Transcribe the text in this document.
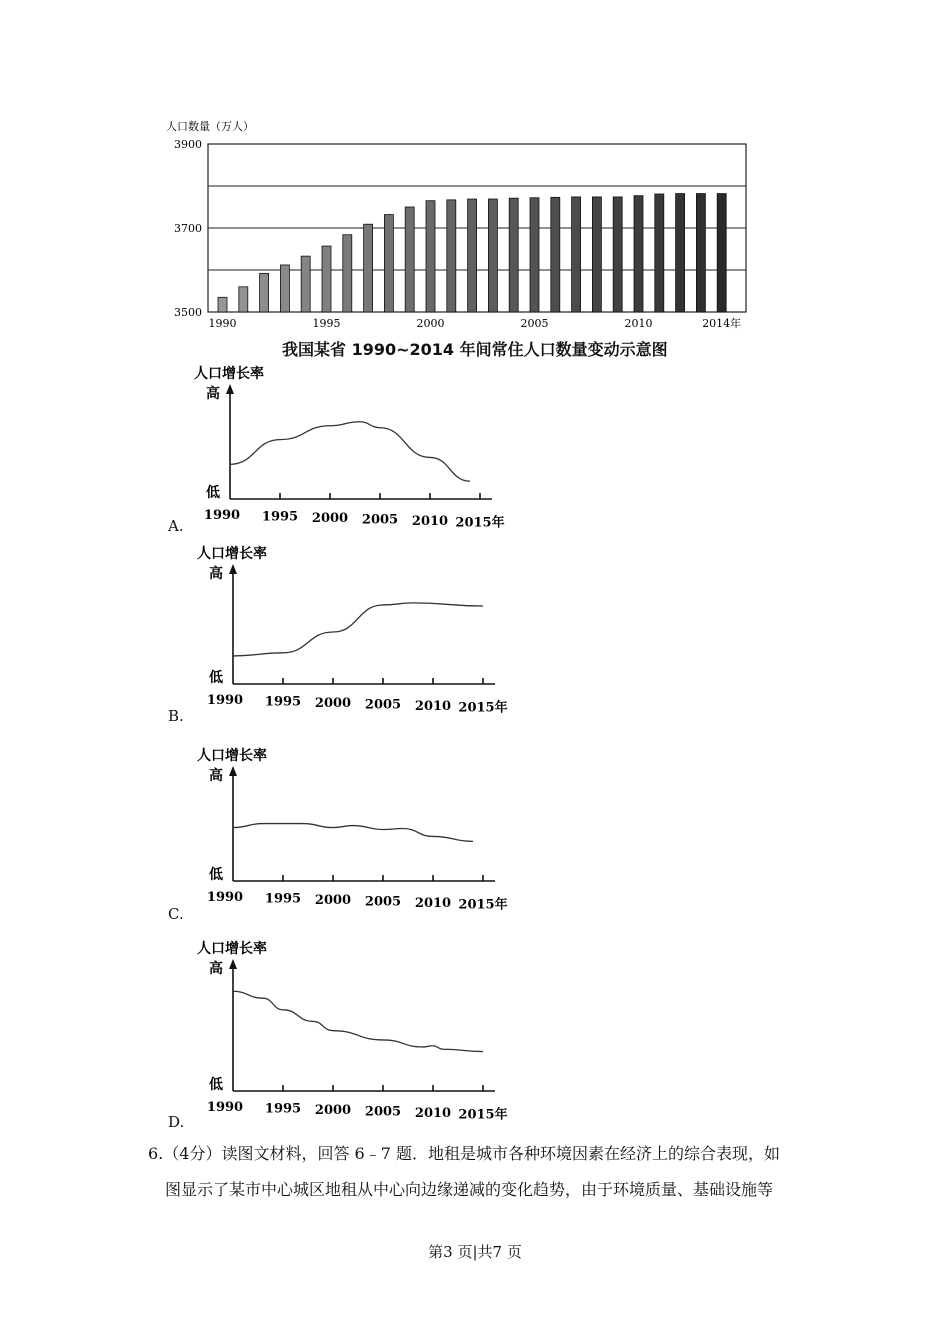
人口数量（万人）
3500
3700
3900
1990	1995	2000	2005	2010	2014年
我国某省 1990~2014 年间常住人口数量变动示意图
人口增长率
高
低
1990 1995 2000 2005 2010 2015年
A.
人口增长率
高
低
1990 1995 2000 2005 2010 2015年
B.
人口增长率
高
低
1990 1995 2000 2005 2010 2015年
C.
人口增长率
高
低
1990 1995 2000 2005 2010 2015年
D.
6.（4分）读图文材料，回答 6﹣7 题．地租是城市各种环境因素在经济上的综合表现，如
图显示了某市中心城区地租从中心向边缘递减的变化趋势，由于环境质量、基础设施等
第3 页|共7 页
